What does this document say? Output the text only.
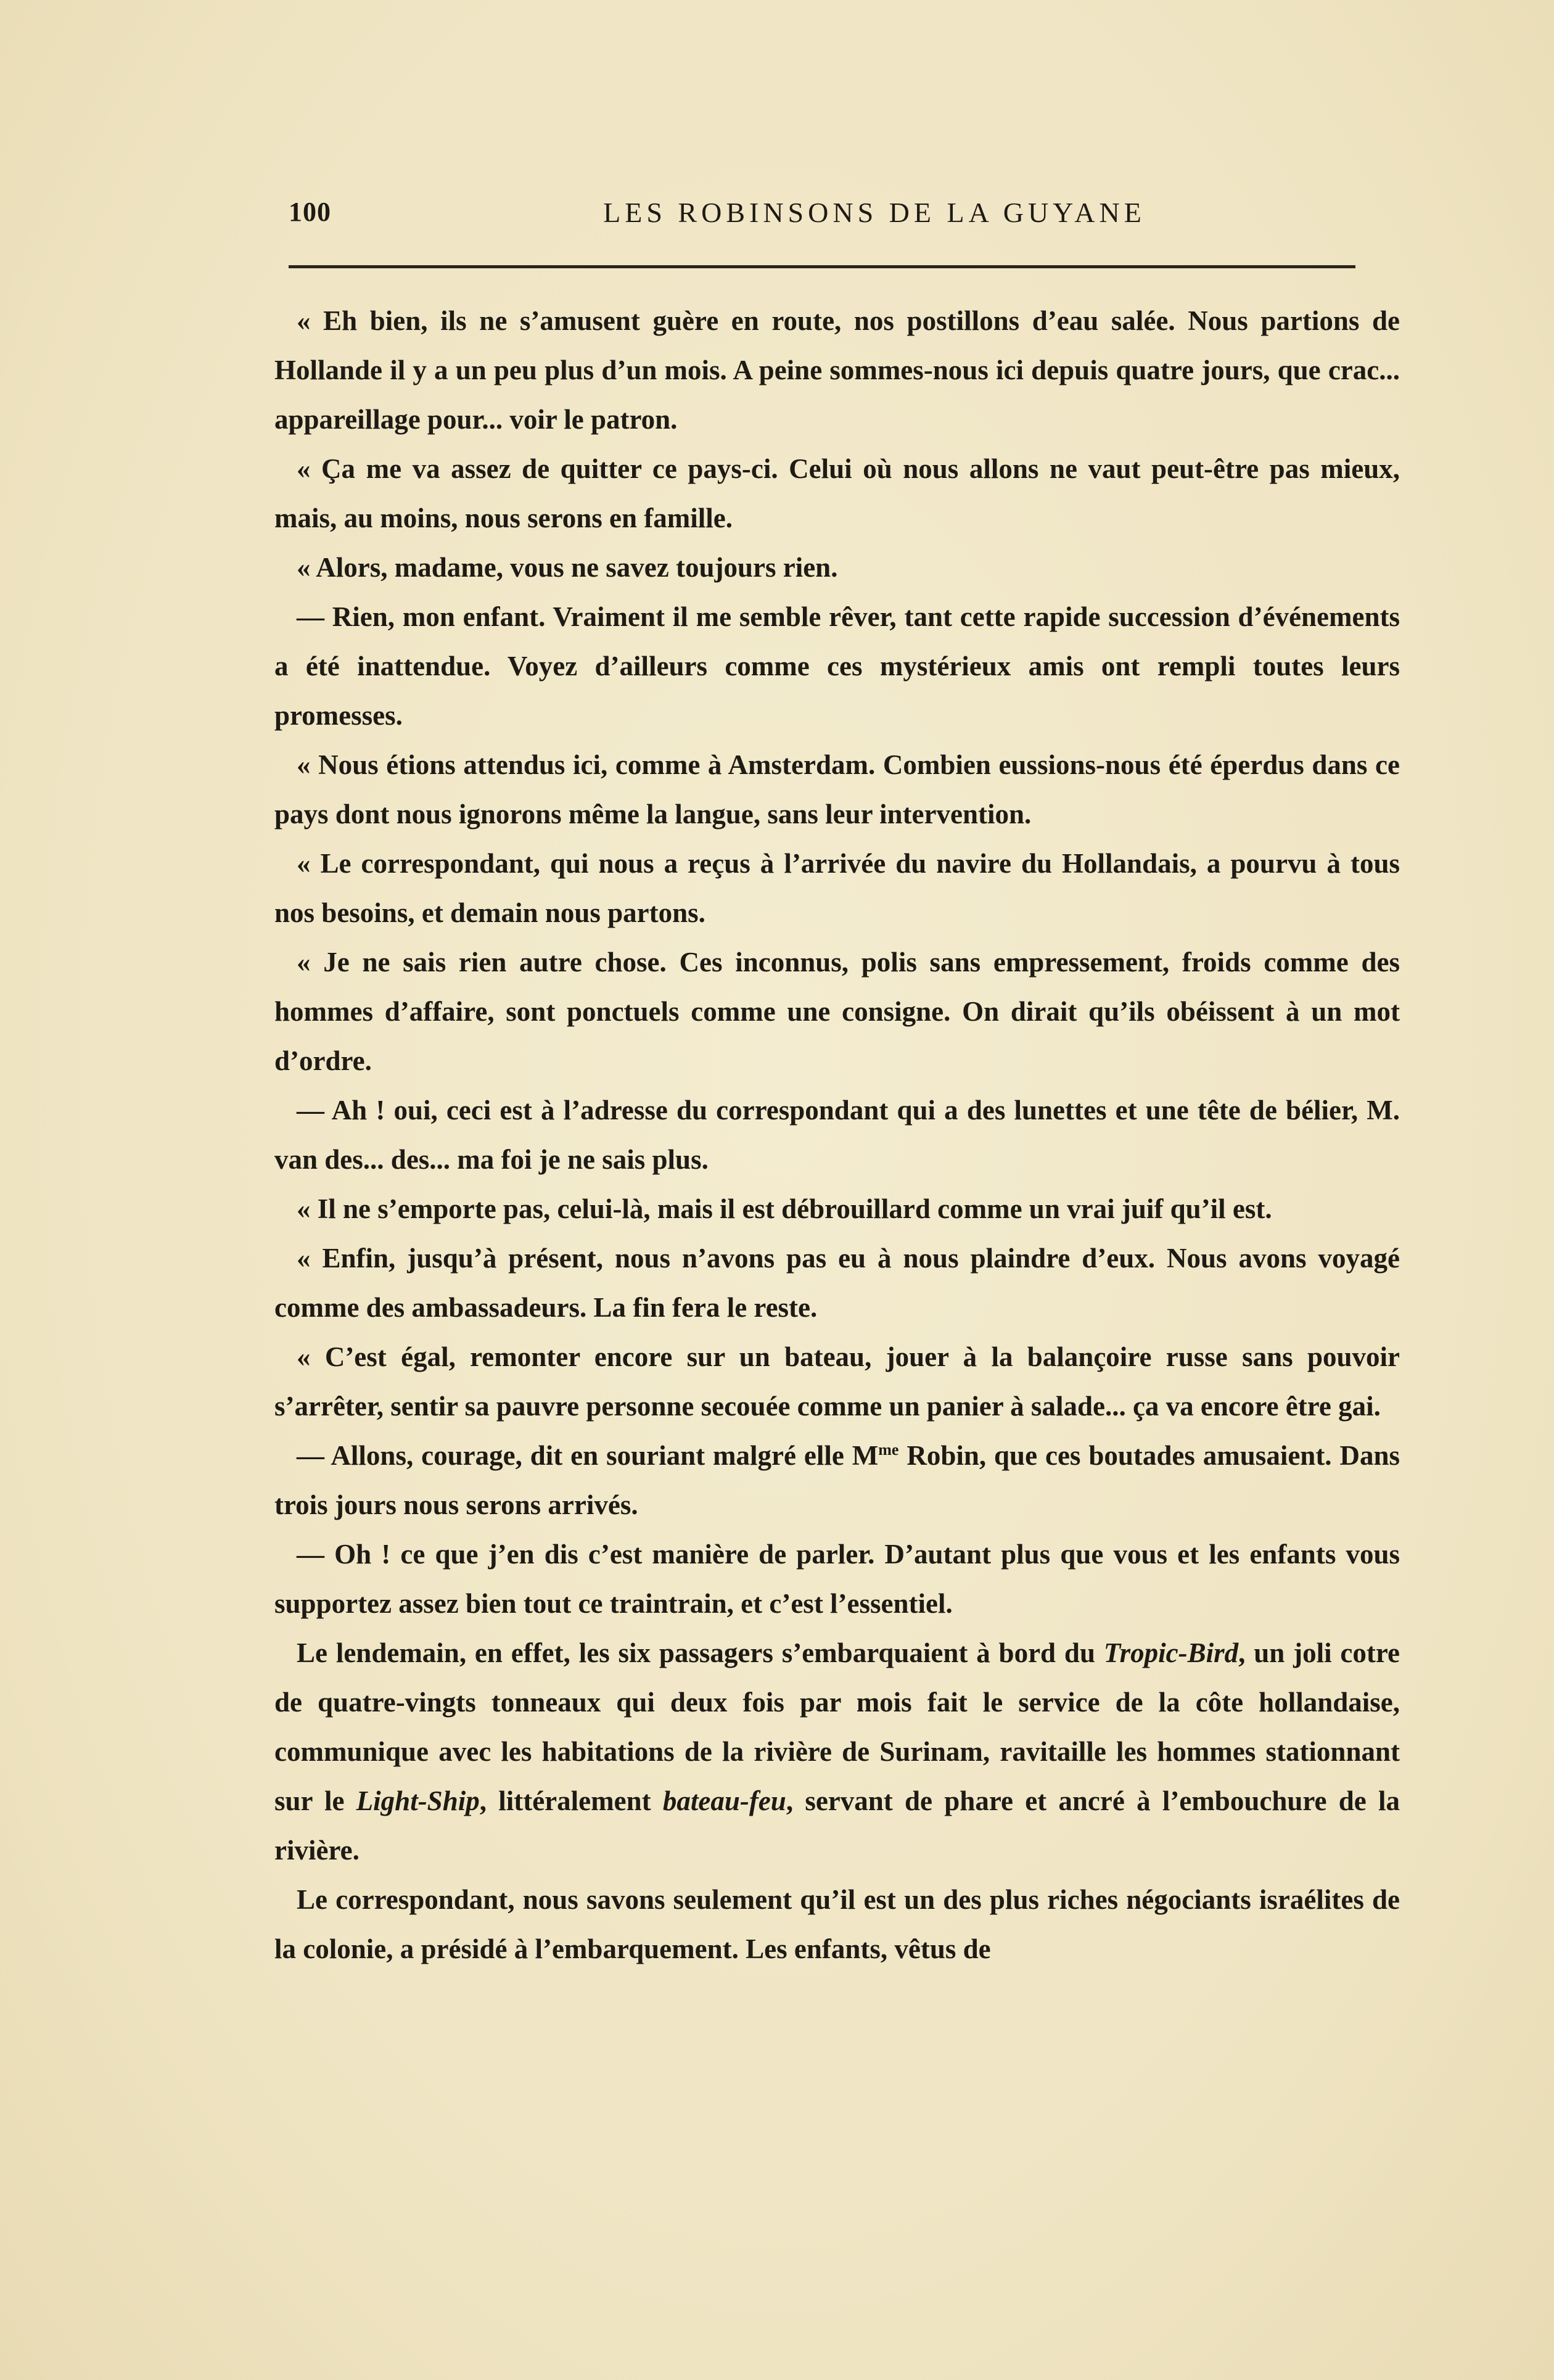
100	LES ROBINSONS DE LA GUYANE

« Eh bien, ils ne s’amusent guère en route, nos postillons d’eau salée. Nous partions de Hollande il y a un peu plus d’un mois. A peine sommes-nous ici depuis quatre jours, que crac... appareillage pour... voir le patron.

« Ça me va assez de quitter ce pays-ci. Celui où nous allons ne vaut peut-être pas mieux, mais, au moins, nous serons en famille.

« Alors, madame, vous ne savez toujours rien.

— Rien, mon enfant. Vraiment il me semble rêver, tant cette rapide succession d’événements a été inattendue. Voyez d’ailleurs comme ces mystérieux amis ont rempli toutes leurs promesses.

« Nous étions attendus ici, comme à Amsterdam. Combien eussions-nous été éperdus dans ce pays dont nous ignorons même la langue, sans leur intervention.

« Le correspondant, qui nous a reçus à l’arrivée du navire du Hollandais, a pourvu à tous nos besoins, et demain nous partons.

« Je ne sais rien autre chose. Ces inconnus, polis sans empressement, froids comme des hommes d’affaire, sont ponctuels comme une consigne. On dirait qu’ils obéissent à un mot d’ordre.

— Ah ! oui, ceci est à l’adresse du correspondant qui a des lunettes et une tête de bélier, M. van des... des... ma foi je ne sais plus.

« Il ne s’emporte pas, celui-là, mais il est débrouillard comme un vrai juif qu’il est.

« Enfin, jusqu’à présent, nous n’avons pas eu à nous plaindre d’eux. Nous avons voyagé comme des ambassadeurs. La fin fera le reste.

« C’est égal, remonter encore sur un bateau, jouer à la balançoire russe sans pouvoir s’arrêter, sentir sa pauvre personne secouée comme un panier à salade... ça va encore être gai.

— Allons, courage, dit en souriant malgré elle $M^{me}$ Robin, que ces boutades amusaient. Dans trois jours nous serons arrivés.

— Oh ! ce que j’en dis c’est manière de parler. D’autant plus que vous et les enfants vous supportez assez bien tout ce traintrain, et c’est l’essentiel.

Le lendemain, en effet, les six passagers s’embarquaient à bord du Tropic-Bird, un joli cotre de quatre-vingts tonneaux qui deux fois par mois fait le service de la côte hollandaise, communique avec les habitations de la rivière de Surinam, ravitaille les hommes stationnant sur le Light-Ship, littéralement bateau-feu, servant de phare et ancré à l’embouchure de la rivière.

Le correspondant, nous savons seulement qu’il est un des plus riches négociants israélites de la colonie, a présidé à l’embarquement. Les enfants, vêtus de
